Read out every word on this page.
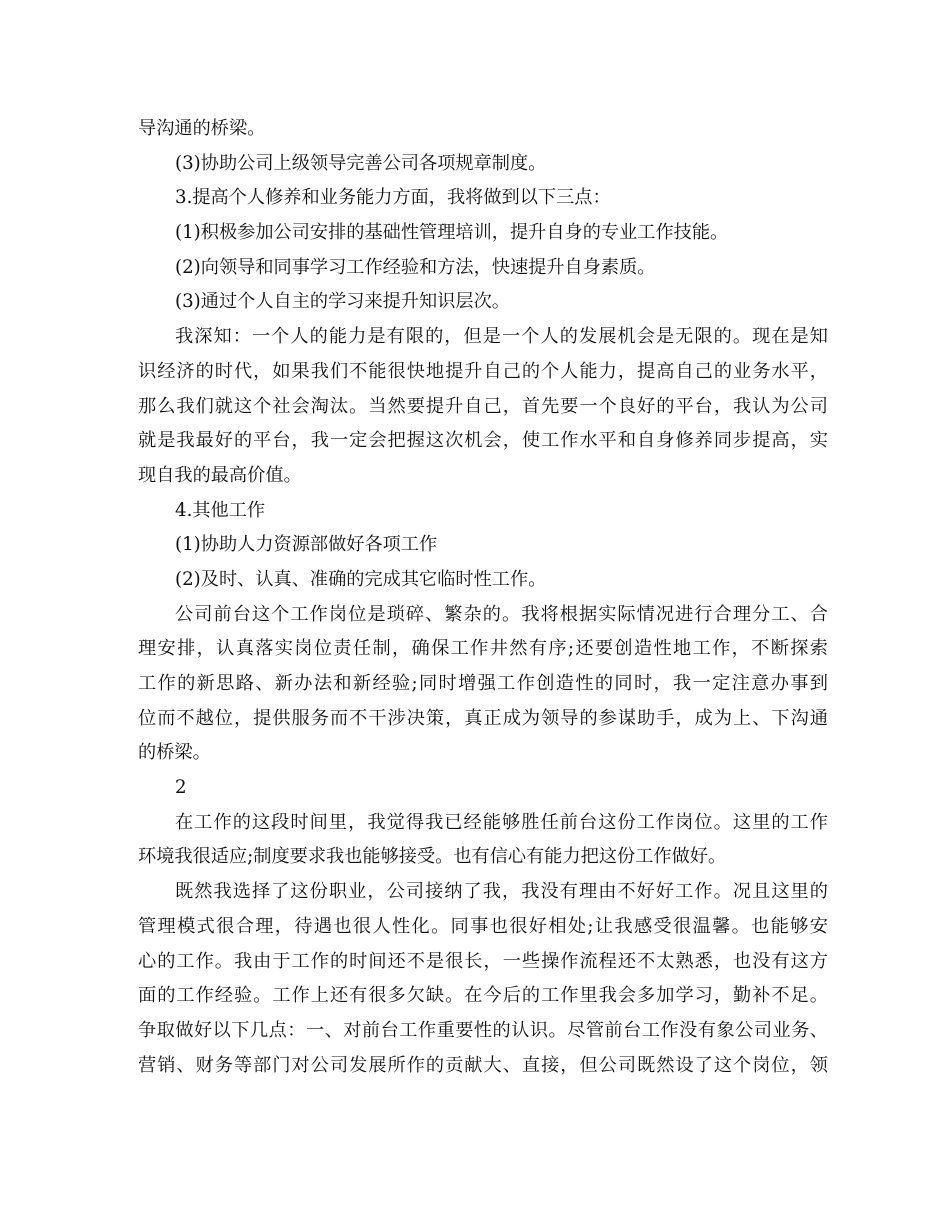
导沟通的桥梁。
(3)协助公司上级领导完善公司各项规章制度。
3.提高个人修养和业务能力方面，我将做到以下三点：
(1)积极参加公司安排的基础性管理培训，提升自身的专业工作技能。
(2)向领导和同事学习工作经验和方法，快速提升自身素质。
(3)通过个人自主的学习来提升知识层次。
我深知：一个人的能力是有限的，但是一个人的发展机会是无限的。现在是知
识经济的时代，如果我们不能很快地提升自己的个人能力，提高自己的业务水平，
那么我们就这个社会淘汰。当然要提升自己，首先要一个良好的平台，我认为公司
就是我最好的平台，我一定会把握这次机会，使工作水平和自身修养同步提高，实
现自我的最高价值。
4.其他工作
(1)协助人力资源部做好各项工作
(2)及时、认真、准确的完成其它临时性工作。
公司前台这个工作岗位是琐碎、繁杂的。我将根据实际情况进行合理分工、合
理安排，认真落实岗位责任制，确保工作井然有序;还要创造性地工作，不断探索
工作的新思路、新办法和新经验;同时增强工作创造性的同时，我一定注意办事到
位而不越位，提供服务而不干涉决策，真正成为领导的参谋助手，成为上、下沟通
的桥梁。
2
在工作的这段时间里，我觉得我已经能够胜任前台这份工作岗位。这里的工作
环境我很适应;制度要求我也能够接受。也有信心有能力把这份工作做好。
既然我选择了这份职业，公司接纳了我，我没有理由不好好工作。况且这里的
管理模式很合理，待遇也很人性化。同事也很好相处;让我感受很温馨。也能够安
心的工作。我由于工作的时间还不是很长，一些操作流程还不太熟悉，也没有这方
面的工作经验。工作上还有很多欠缺。在今后的工作里我会多加学习，勤补不足。
争取做好以下几点：一、对前台工作重要性的认识。尽管前台工作没有象公司业务、
营销、财务等部门对公司发展所作的贡献大、直接，但公司既然设了这个岗位，领
